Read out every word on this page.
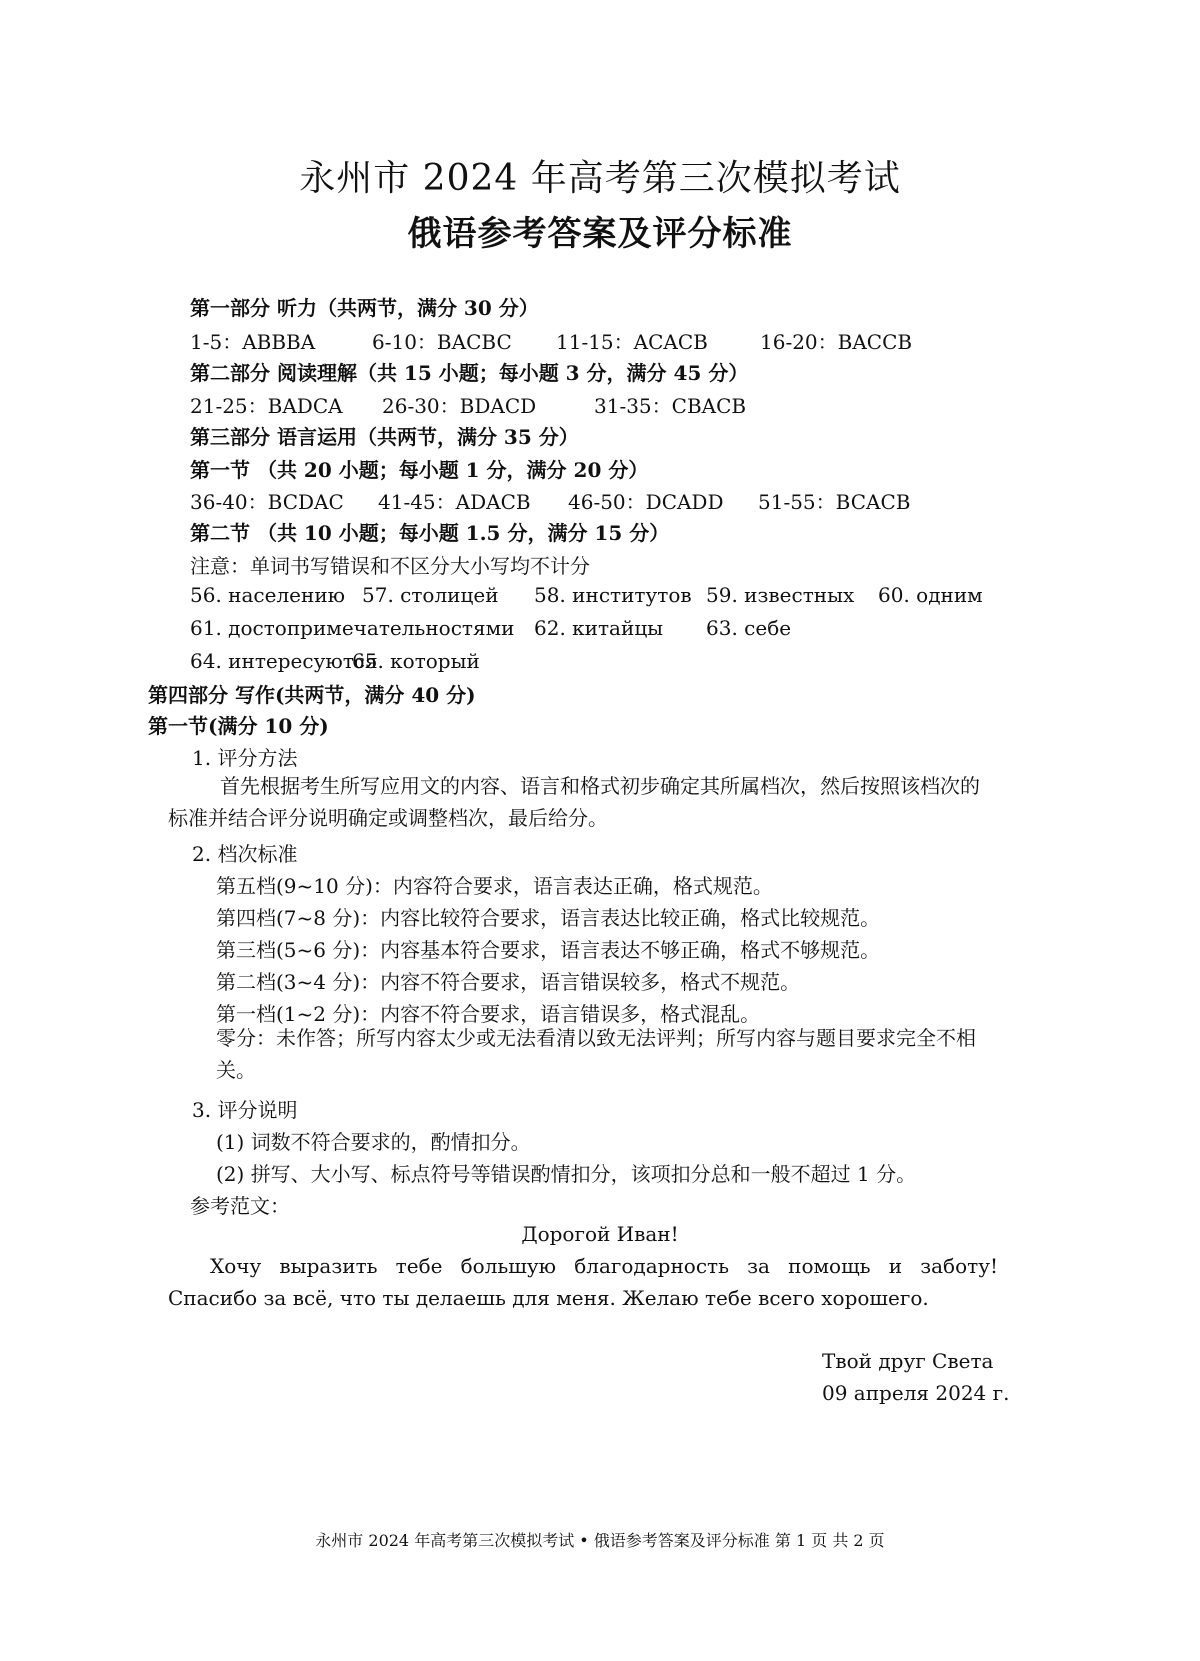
永州市 2024 年高考第三次模拟考试
俄语参考答案及评分标准
第一部分 听力（共两节，满分 30 分）
1-5：ABBBA	6-10：BACBC 11-15：ACACB	16-20：BACCB
第二部分 阅读理解（共 15 小题；每小题 3 分，满分 45 分）
21-25：BADCA 26-30：BDACD	31-35：CBACB
第三部分 语言运用（共两节，满分 35 分）
第一节 （共 20 小题；每小题 1 分，满分 20 分）
36-40：BCDAC 41-45：ADACB 46-50：DCADD 51-55：BCACB
第二节 （共 10 小题；每小题 1.5 分，满分 15 分）
注意：单词书写错误和不区分大小写均不计分
56. населению 57. столицей 58. институтов 59. известных 60. одним
61. достопримечательностями 62. китайцы 63. себе
64. интересуются
65. который
第四部分 写作(共两节，满分 40 分)
第一节(满分 10 分)
1. 评分方法
首先根据考生所写应用文的内容、语言和格式初步确定其所属档次，然后按照该档次的标准并结合评分说明确定或调整档次，最后给分。
2. 档次标准
第五档(9~10 分)：内容符合要求，语言表达正确，格式规范。
第四档(7~8 分)：内容比较符合要求，语言表达比较正确，格式比较规范。
第三档(5~6 分)：内容基本符合要求，语言表达不够正确，格式不够规范。
第二档(3~4 分)：内容不符合要求，语言错误较多，格式不规范。
第一档(1~2 分)：内容不符合要求，语言错误多，格式混乱。
零分：未作答；所写内容太少或无法看清以致无法评判；所写内容与题目要求完全不相关。
3. 评分说明
(1) 词数不符合要求的，酌情扣分。
(2) 拼写、大小写、标点符号等错误酌情扣分，该项扣分总和一般不超过 1 分。
参考范文：
Дорогой Иван!
Хочу выразить тебе большую благодарность за помощь и заботу! Спасибо за всё, что ты делаешь для меня. Желаю тебе всего хорошего.
Твой друг Света
09 апреля 2024 г.
永州市 2024 年高考第三次模拟考试 • 俄语参考答案及评分标准 第 1 页 共 2 页
